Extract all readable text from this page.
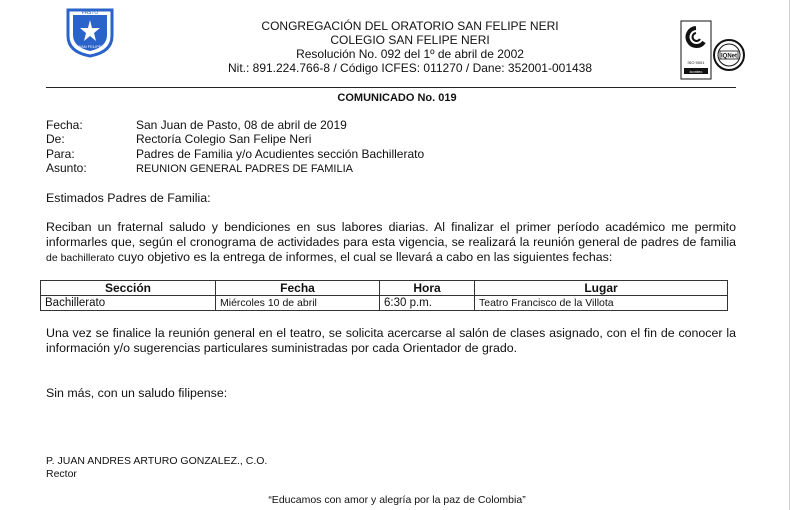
PASTO
SAN FELIPE
CONGREGACIÓN DEL ORATORIO SAN FELIPE NERI
COLEGIO SAN FELIPE NERI
Resolución No. 092 del 1º de abril de 2002
Nit.: 891.224.766-8 / Código ICFES: 011270 / Dane: 352001-001438	ISO 9001
icontec
IQNet
COMUNICADO No. 019
Fecha:	San Juan de Pasto, 08 de abril de 2019
De:	Rectoría Colegio San Felipe Neri
Para:	Padres de Familia y/o Acudientes sección Bachillerato
Asunto:	REUNION GENERAL PADRES DE FAMILIA
Estimados Padres de Familia:
Reciban un fraternal saludo y bendiciones en sus labores diarias. Al finalizar el primer período académico me permito informarles que, según el cronograma de actividades para esta vigencia, se realizará la reunión general de padres de familia de bachillerato cuyo objetivo es la entrega de informes, el cual se llevará a cabo en las siguientes fechas:
Sección	Fecha	Hora	Lugar
Bachillerato	Miércoles 10 de abril	6:30 p.m.	Teatro Francisco de la Villota
Una vez se finalice la reunión general en el teatro, se solicita acercarse al salón de clases asignado, con el fin de conocer la información y/o sugerencias particulares suministradas por cada Orientador de grado.
Sin más, con un saludo filipense:
P. JUAN ANDRES ARTURO GONZALEZ., C.O.
Rector
“Educamos con amor y alegría por la paz de Colombia”
